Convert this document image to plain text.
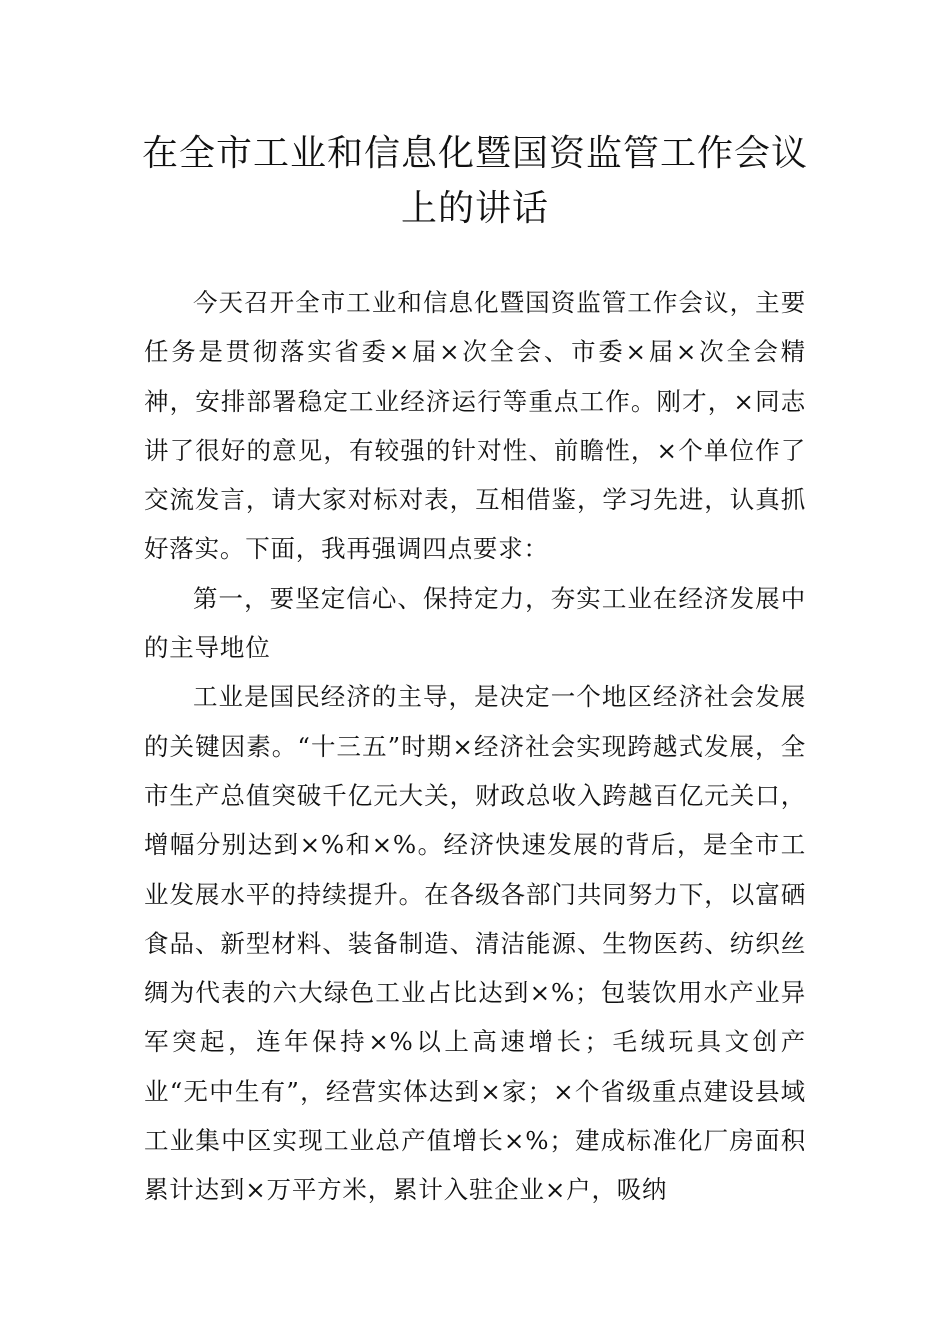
在全市工业和信息化暨国资监管工作会议上的讲话

今天召开全市工业和信息化暨国资监管工作会议，主要任务是贯彻落实省委×届×次全会、市委×届×次全会精神，安排部署稳定工业经济运行等重点工作。刚才，×同志讲了很好的意见，有较强的针对性、前瞻性，×个单位作了交流发言，请大家对标对表，互相借鉴，学习先进，认真抓好落实。下面，我再强调四点要求：

第一，要坚定信心、保持定力，夯实工业在经济发展中的主导地位

工业是国民经济的主导，是决定一个地区经济社会发展的关键因素。“十三五”时期×经济社会实现跨越式发展，全市生产总值突破千亿元大关，财政总收入跨越百亿元关口，增幅分别达到×%和×%。经济快速发展的背后，是全市工业发展水平的持续提升。在各级各部门共同努力下，以富硒食品、新型材料、装备制造、清洁能源、生物医药、纺织丝绸为代表的六大绿色工业占比达到×%；包装饮用水产业异军突起，连年保持×%以上高速增长；毛绒玩具文创产业“无中生有”，经营实体达到×家；×个省级重点建设县域工业集中区实现工业总产值增长×%；建成标准化厂房面积累计达到×万平方米，累计入驻企业×户，吸纳
